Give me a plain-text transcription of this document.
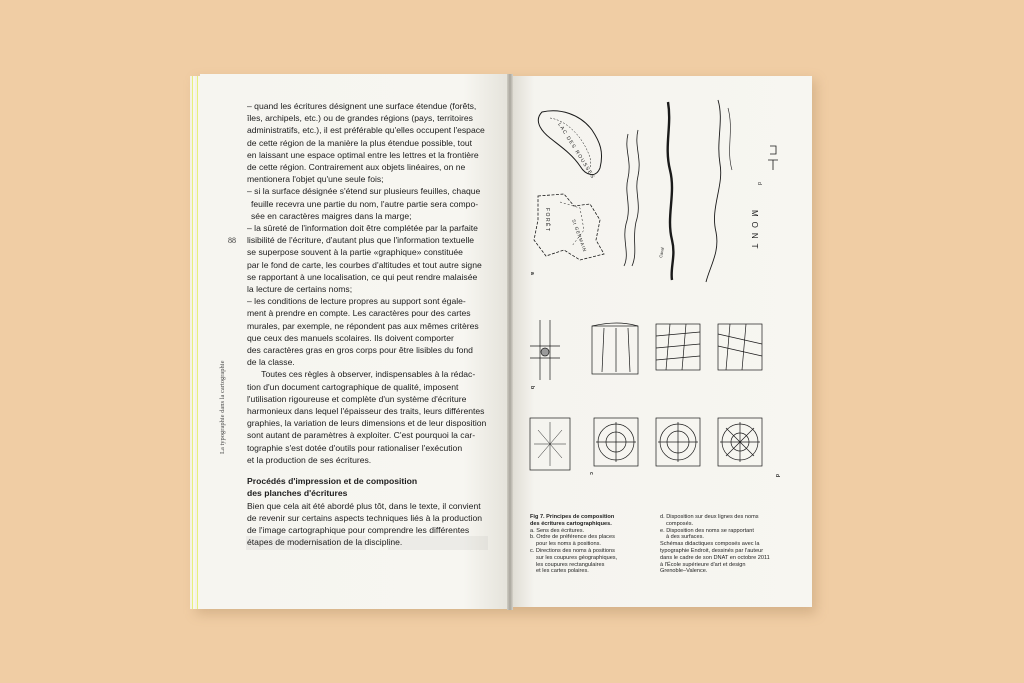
88
La typographie dans la cartographie

– quand les écritures désignent une surface étendue (forêts,

îles, archipels, etc.) ou de grandes régions (pays, territoires

administratifs, etc.), il est préférable qu'elles occupent l'espace

de cette région de la manière la plus étendue possible, tout

en laissant une espace optimal entre les lettres et la frontière

de cette région. Contrairement aux objets linéaires, on ne

mentionera l'objet qu'une seule fois;

– si la surface désignée s'étend sur plusieurs feuilles, chaque

feuille recevra une partie du nom, l'autre partie sera compo-

sée en caractères maigres dans la marge;

– la sûreté de l'information doit être complétée par la parfaite

lisibilité de l'écriture, d'autant plus que l'information textuelle

se superpose souvent à la partie «graphique» constituée

par le fond de carte, les courbes d'altitudes et tout autre signe

se rapportant à une localisation, ce qui peut rendre malaisée

la lecture de certains noms;

– les conditions de lecture propres au support sont égale-

ment à prendre en compte. Les caractères pour des cartes

murales, par exemple, ne répondent pas aux mêmes critères

que ceux des manuels scolaires. Ils doivent comporter

des caractères gras en gros corps pour être lisibles du fond

de la classe.

Toutes ces règles à observer, indispensables à la rédac-

tion d'un document cartographique de qualité, imposent

l'utilisation rigoureuse et complète d'un système d'écriture

harmonieux dans lequel l'épaisseur des traits, leurs différentes

graphies, la variation de leurs dimensions et de leur disposition

sont autant de paramètres à exploiter. C'est pourquoi la car-

tographie s'est dotée d'outils pour rationaliser l'exécution

et la production de ses écritures.

Procédés d'impression et de composition

des planches d'écritures

Bien que cela ait été abordé plus tôt, dans le texte, il convient

de revenir sur certains aspects techniques liés à la production

de l'image cartographique pour comprendre les différentes

étapes de modernisation de la discipline.

LAC DES ROUSSES
FORÊT	St GERMAIN	Canal	MONT
d
a
b
c
d

Fig 7. Principes de composition

des écritures cartographiques.

a. Sens des écritures.

b. Ordre de préférence des places

pour les noms à positions.

c. Directions des noms à positions

sur les coupures géographiques,

les coupures rectangulaires

et les cartes polaires.

d. Disposition sur deux lignes des noms

composés.

e. Disposition des noms se rapportant

à des surfaces.

Schémas didactiques composés avec la

typographie Endroit, dessinés par l'auteur

dans le cadre de son DNAT en octobre 2011

à l'École supérieure d'art et design

Grenoble–Valence.
